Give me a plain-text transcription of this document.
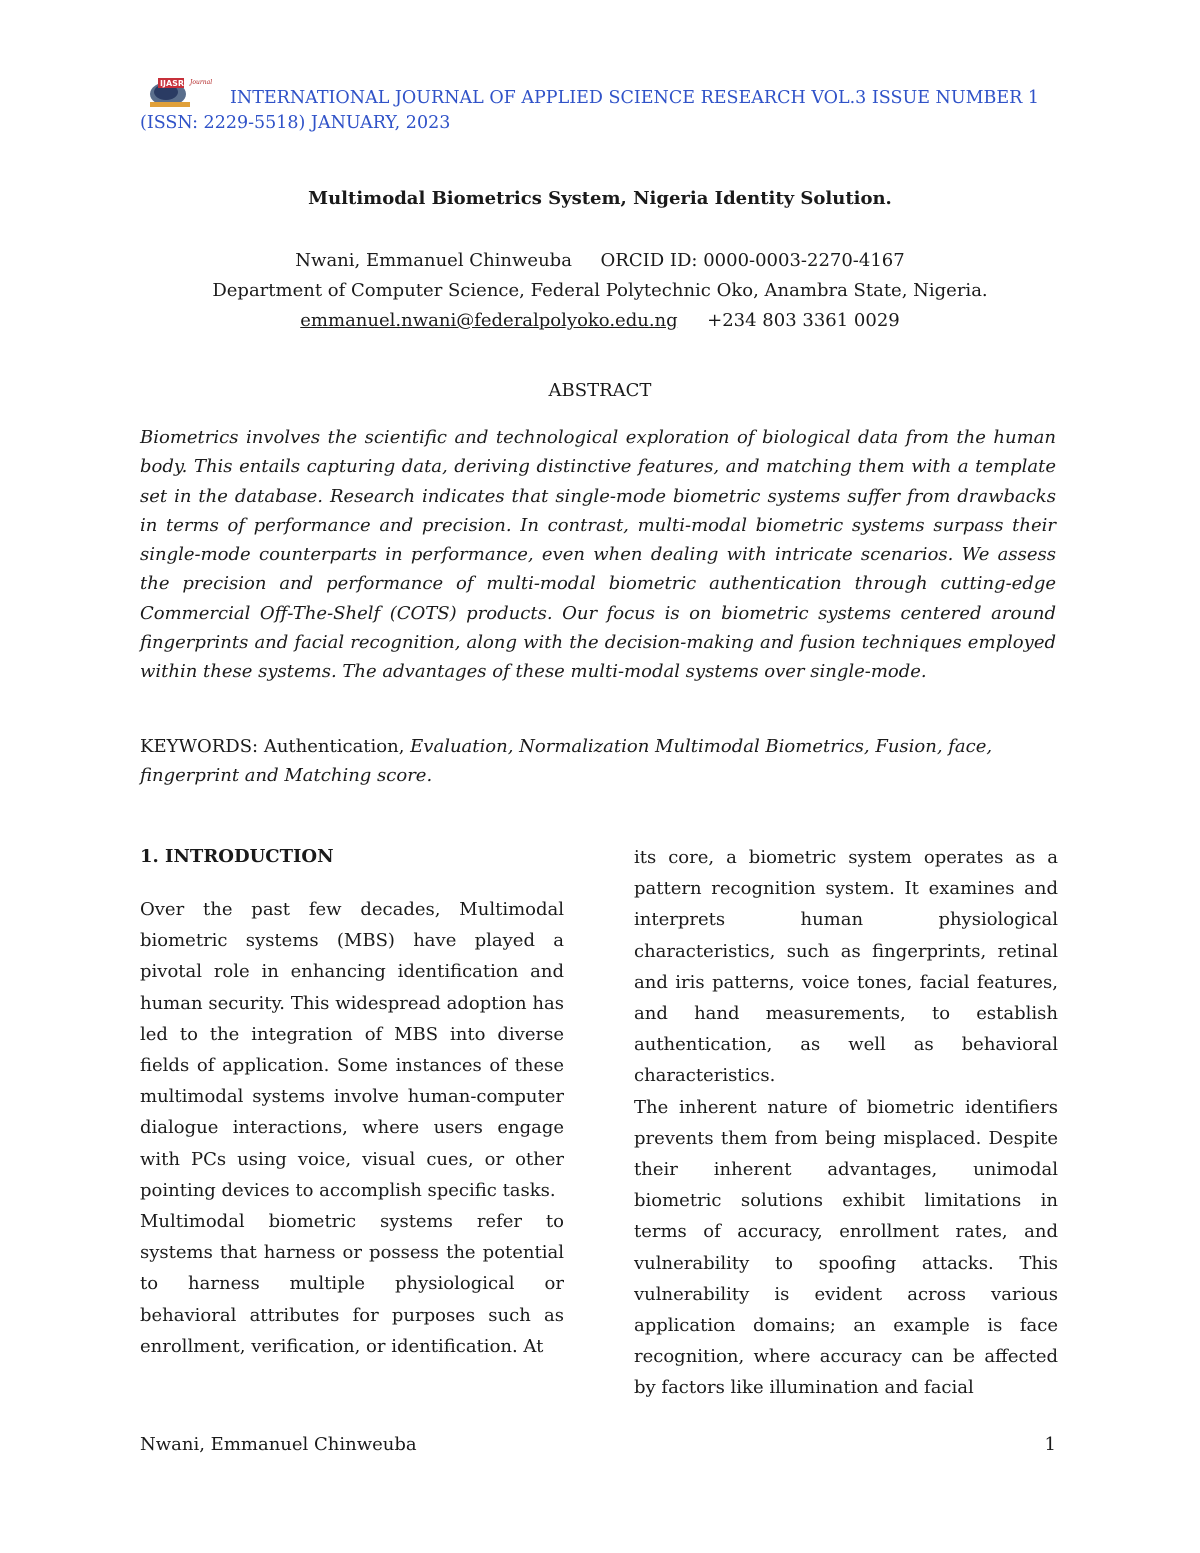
IJASR Journal
INTERNATIONAL JOURNAL OF APPLIED SCIENCE RESEARCH VOL.3 ISSUE NUMBER 1
(ISSN: 2229-5518) JANUARY, 2023
Multimodal Biometrics System, Nigeria Identity Solution.
Nwani, Emmanuel Chinweuba     ORCID ID: 0000-0003-2270-4167
Department of Computer Science, Federal Polytechnic Oko, Anambra State, Nigeria.
emmanuel.nwani@federalpolyoko.edu.ng +234 803 3361 0029
ABSTRACT
Biometrics involves the scientific and technological exploration of biological data from the human body. This entails capturing data, deriving distinctive features, and matching them with a template set in the database. Research indicates that single-mode biometric systems suffer from drawbacks in terms of performance and precision. In contrast, multi-modal biometric systems surpass their single-mode counterparts in performance, even when dealing with intricate scenarios. We assess the precision and performance of multi-modal biometric authentication through cutting-edge Commercial Off-The-Shelf (COTS) products. Our focus is on biometric systems centered around fingerprints and facial recognition, along with the decision-making and fusion techniques employed within these systems. The advantages of these multi-modal systems over single-mode.
KEYWORDS: Authentication, Evaluation, Normalization Multimodal Biometrics, Fusion, face, fingerprint and Matching score.
1. INTRODUCTION

Over the past few decades, Multimodal biometric systems (MBS) have played a pivotal role in enhancing identification and human security. This widespread adoption has led to the integration of MBS into diverse fields of application. Some instances of these multimodal systems involve human-computer dialogue interactions, where users engage with PCs using voice, visual cues, or other pointing devices to accomplish specific tasks.

Multimodal biometric systems refer to systems that harness or possess the potential to harness multiple physiological or behavioral attributes for purposes such as enrollment, verification, or identification. At

its core, a biometric system operates as a pattern recognition system. It examines and interprets human physiological characteristics, such as fingerprints, retinal and iris patterns, voice tones, facial features, and hand measurements, to establish authentication, as well as behavioral characteristics.

The inherent nature of biometric identifiers prevents them from being misplaced. Despite their inherent advantages, unimodal biometric solutions exhibit limitations in terms of accuracy, enrollment rates, and vulnerability to spoofing attacks. This vulnerability is evident across various application domains; an example is face recognition, where accuracy can be affected by factors like illumination and facial

Nwani, Emmanuel Chinweuba	1
